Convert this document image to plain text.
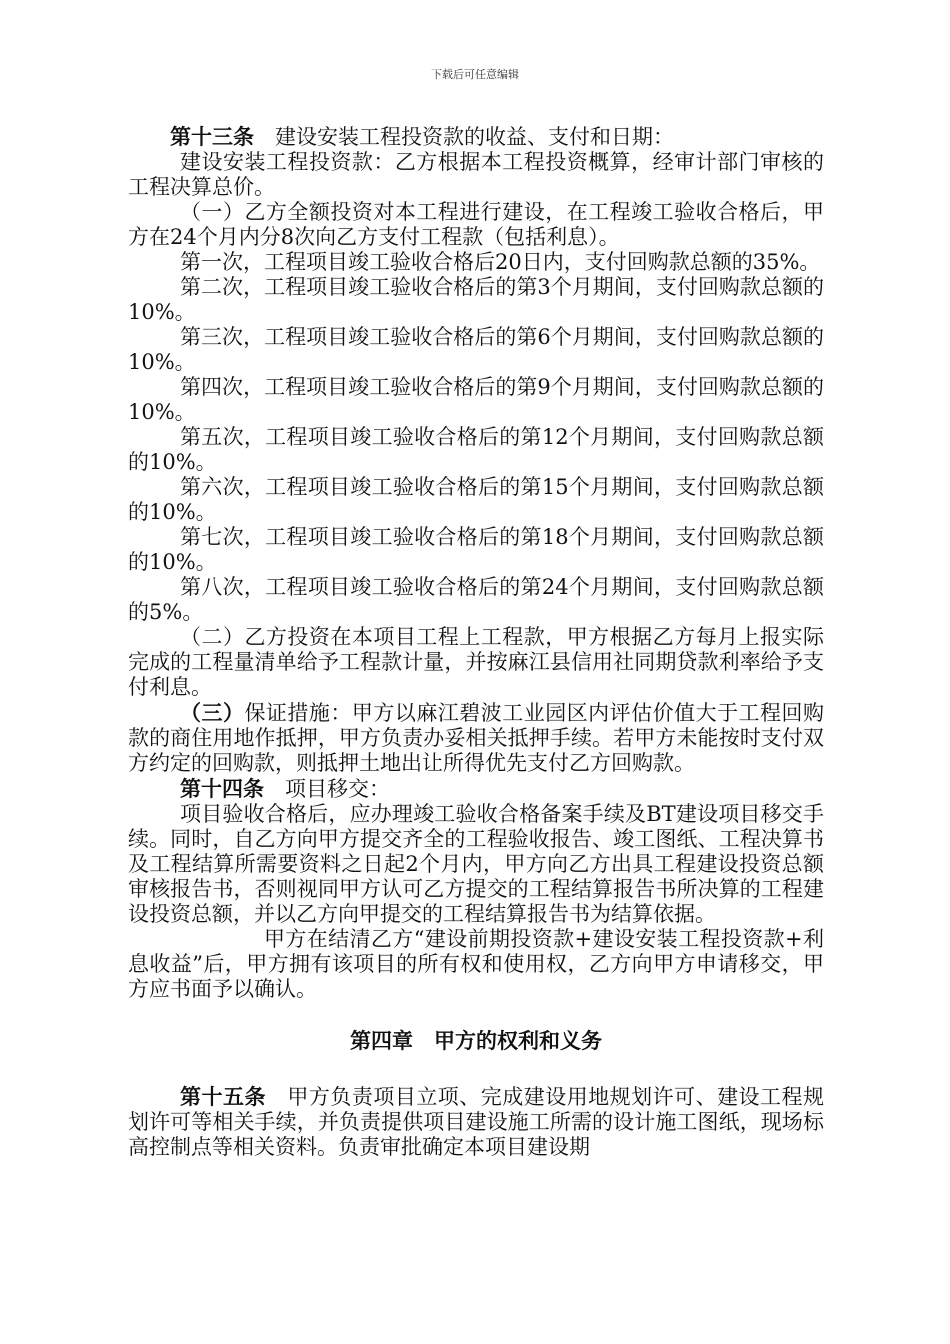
下载后可任意编辑

第十三条　建设安装工程投资款的收益、支付和日期：

建设安装工程投资款：乙方根据本工程投资概算，经审计部门审核的工程决算总价。

（一）乙方全额投资对本工程进行建设，在工程竣工验收合格后，甲方在24个月内分8次向乙方支付工程款（包括利息）。

第一次，工程项目竣工验收合格后20日内，支付回购款总额的35%。

第二次，工程项目竣工验收合格后的第3个月期间，支付回购款总额的10%。

第三次，工程项目竣工验收合格后的第6个月期间，支付回购款总额的10%。

第四次，工程项目竣工验收合格后的第9个月期间，支付回购款总额的10%。

第五次，工程项目竣工验收合格后的第12个月期间，支付回购款总额的10%。

第六次，工程项目竣工验收合格后的第15个月期间，支付回购款总额的10%。

第七次，工程项目竣工验收合格后的第18个月期间，支付回购款总额的10%。

第八次，工程项目竣工验收合格后的第24个月期间，支付回购款总额的5%。

（二）乙方投资在本项目工程上工程款，甲方根据乙方每月上报实际完成的工程量清单给予工程款计量，并按麻江县信用社同期贷款利率给予支付利息。

（三）保证措施：甲方以麻江碧波工业园区内评估价值大于工程回购款的商住用地作抵押，甲方负责办妥相关抵押手续。若甲方未能按时支付双方约定的回购款，则抵押土地出让所得优先支付乙方回购款。

第十四条　项目移交：

项目验收合格后，应办理竣工验收合格备案手续及BT建设项目移交手续。同时，自乙方向甲方提交齐全的工程验收报告、竣工图纸、工程决算书及工程结算所需要资料之日起2个月内，甲方向乙方出具工程建设投资总额审核报告书，否则视同甲方认可乙方提交的工程结算报告书所决算的工程建设投资总额，并以乙方向甲提交的工程结算报告书为结算依据。

甲方在结清乙方“建设前期投资款+建设安装工程投资款+利息收益”后，甲方拥有该项目的所有权和使用权，乙方向甲方申请移交，甲方应书面予以确认。

第四章　甲方的权利和义务

第十五条　甲方负责项目立项、完成建设用地规划许可、建设工程规划许可等相关手续，并负责提供项目建设施工所需的设计施工图纸，现场标高控制点等相关资料。负责审批确定本项目建设期
